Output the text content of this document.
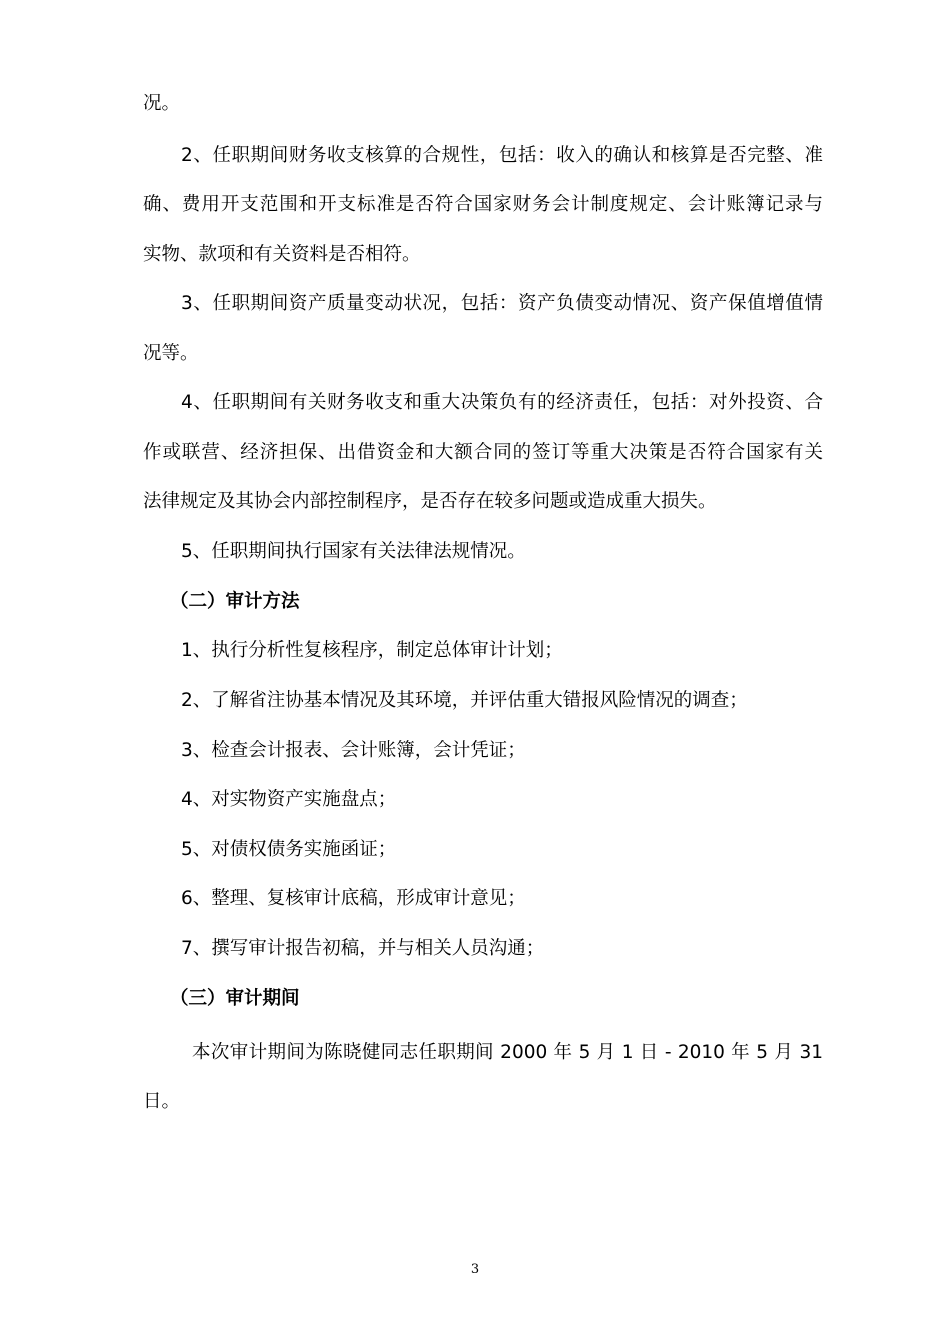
况。
2、任职期间财务收支核算的合规性，包括：收入的确认和核算是否完整、准
确、费用开支范围和开支标准是否符合国家财务会计制度规定、会计账簿记录与
实物、款项和有关资料是否相符。
3、任职期间资产质量变动状况，包括：资产负债变动情况、资产保值增值情
况等。
4、任职期间有关财务收支和重大决策负有的经济责任，包括：对外投资、合
作或联营、经济担保、出借资金和大额合同的签订等重大决策是否符合国家有关
法律规定及其协会内部控制程序，是否存在较多问题或造成重大损失。
5、任职期间执行国家有关法律法规情况。
（二）审计方法
1、执行分析性复核程序，制定总体审计计划；
2、了解省注协基本情况及其环境，并评估重大错报风险情况的调查；
3、检查会计报表、会计账簿，会计凭证；
4、对实物资产实施盘点；
5、对债权债务实施函证；
6、整理、复核审计底稿，形成审计意见；
7、撰写审计报告初稿，并与相关人员沟通；
（三）审计期间
本次审计期间为陈晓健同志任职期间 2000 年 5 月 1 日 - 2010 年 5 月 31
日。
3
